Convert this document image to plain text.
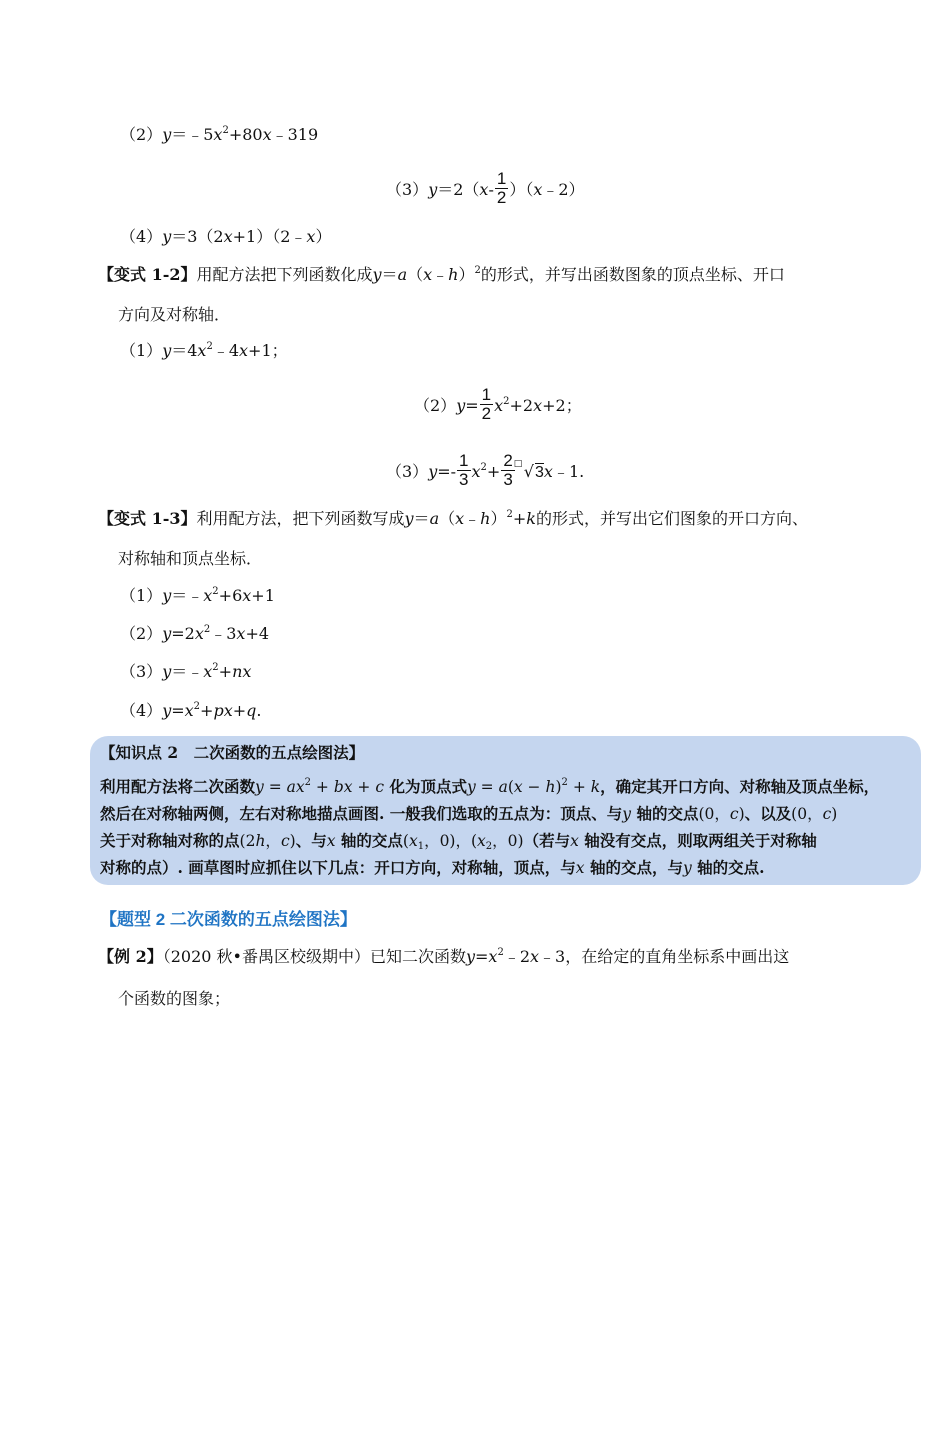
$(2)y=﹣5x^2+80x﹣319$
$(3)y=2(x- \frac{1}{2}$ ）（x﹣2）
（4）y＝3（2x+1）（2﹣x）
【变式 1-2】用配方法把下列函数化成y＝a（x﹣h）$^2$的形式，并写出函数图象的顶点坐标、开口
方向及对称轴．
$(1)y=4x^2﹣4x+1$；
$(2)y= \frac{1}{2} x^2+2x+2$；
$(3)y=- \frac{1}{3} x^2+ \frac{2}{3}$ □ √3x﹣1.
【变式 1-3】利用配方法，把下列函数写成y＝a（x﹣h）$^2$+k的形式，并写出它们图象的开口方向、
对称轴和顶点坐标．
$(1)y=﹣x^2+6x+1$
$(2)y=2x^2﹣3x+4$
$(3)y=﹣x^2+nx$
$(4)y=x^2+px+q$.
【知识点 2　二次函数的五点绘图法】
利用配方法将二次函数$y = ax^2$ + bx + c 化为顶点式$y = a(x - h)^2 + k$，确定其开口方向、对称轴及顶点坐标，
然后在对称轴两侧，左右对称地描点画图. 一般我们选取的五点为：顶点、与y 轴的交点(0，c)、以及(0，c)
关于对称轴对称的点(2h，c)、与x 轴的交点($x_1$，0)，($x_2$，0)（若与x 轴没有交点，则取两组关于对称轴
对称的点）. 画草图时应抓住以下几点：开口方向，对称轴，顶点，与x 轴的交点，与y 轴的交点.
【题型 2 二次函数的五点绘图法】
【例 2】（2020 秋•番禺区校级期中）已知二次函数$y=x^2﹣2x﹣3$，在给定的直角坐标系中画出这
个函数的图象；
